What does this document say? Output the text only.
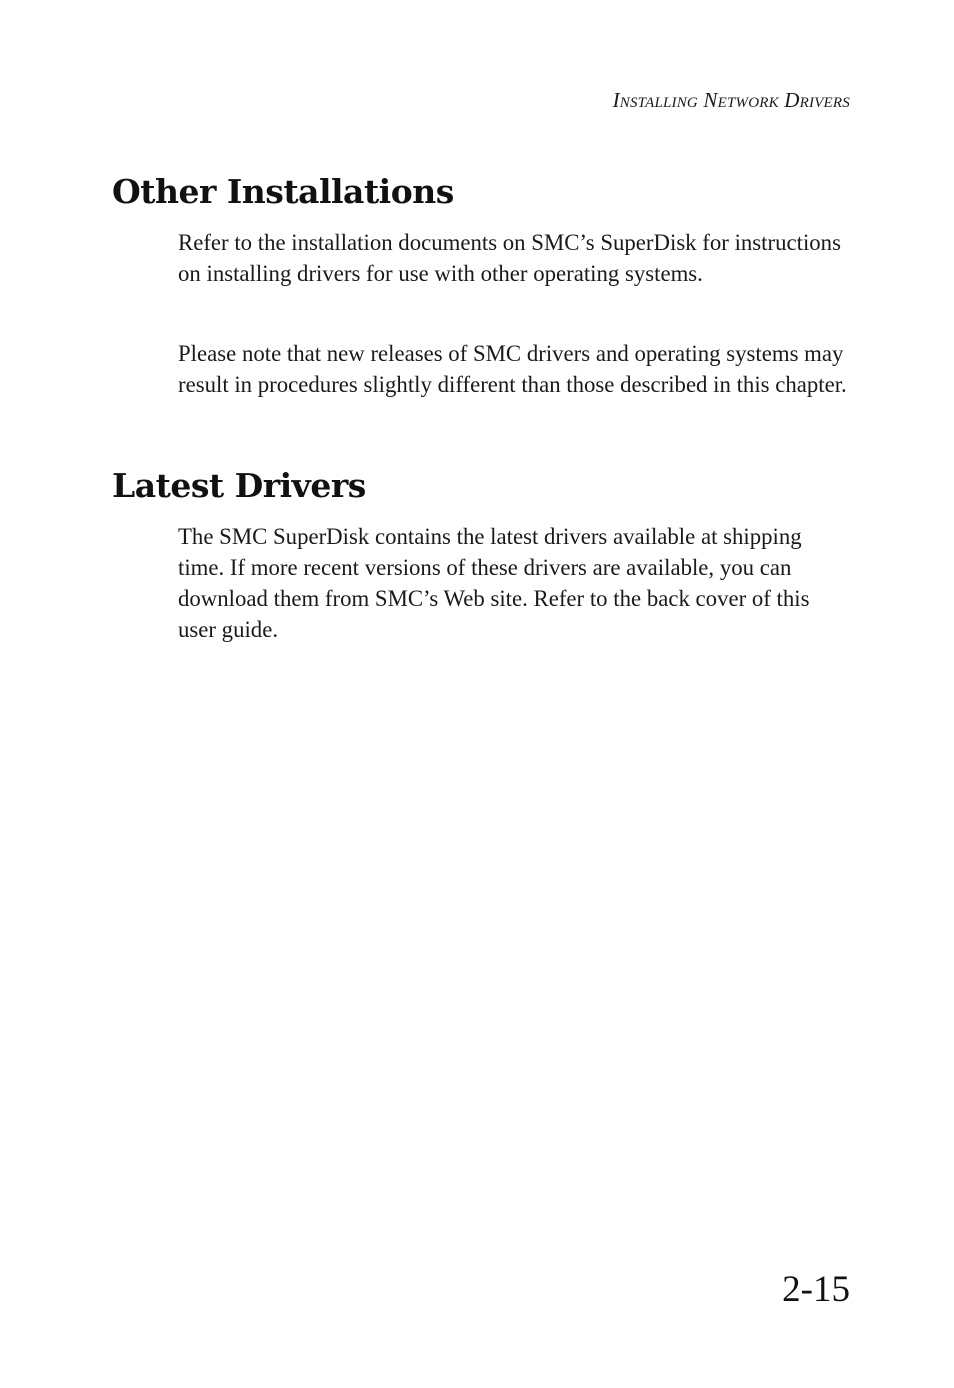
Installing Network Drivers
Other Installations

Refer to the installation documents on SMC’s SuperDisk for instructions on installing drivers for use with other operating systems.

Please note that new releases of SMC drivers and operating systems may result in procedures slightly different than those described in this chapter.

Latest Drivers

The SMC SuperDisk contains the latest drivers available at shipping time. If more recent versions of these drivers are available, you can download them from SMC’s Web site. Refer to the back cover of this user guide.

2-15
